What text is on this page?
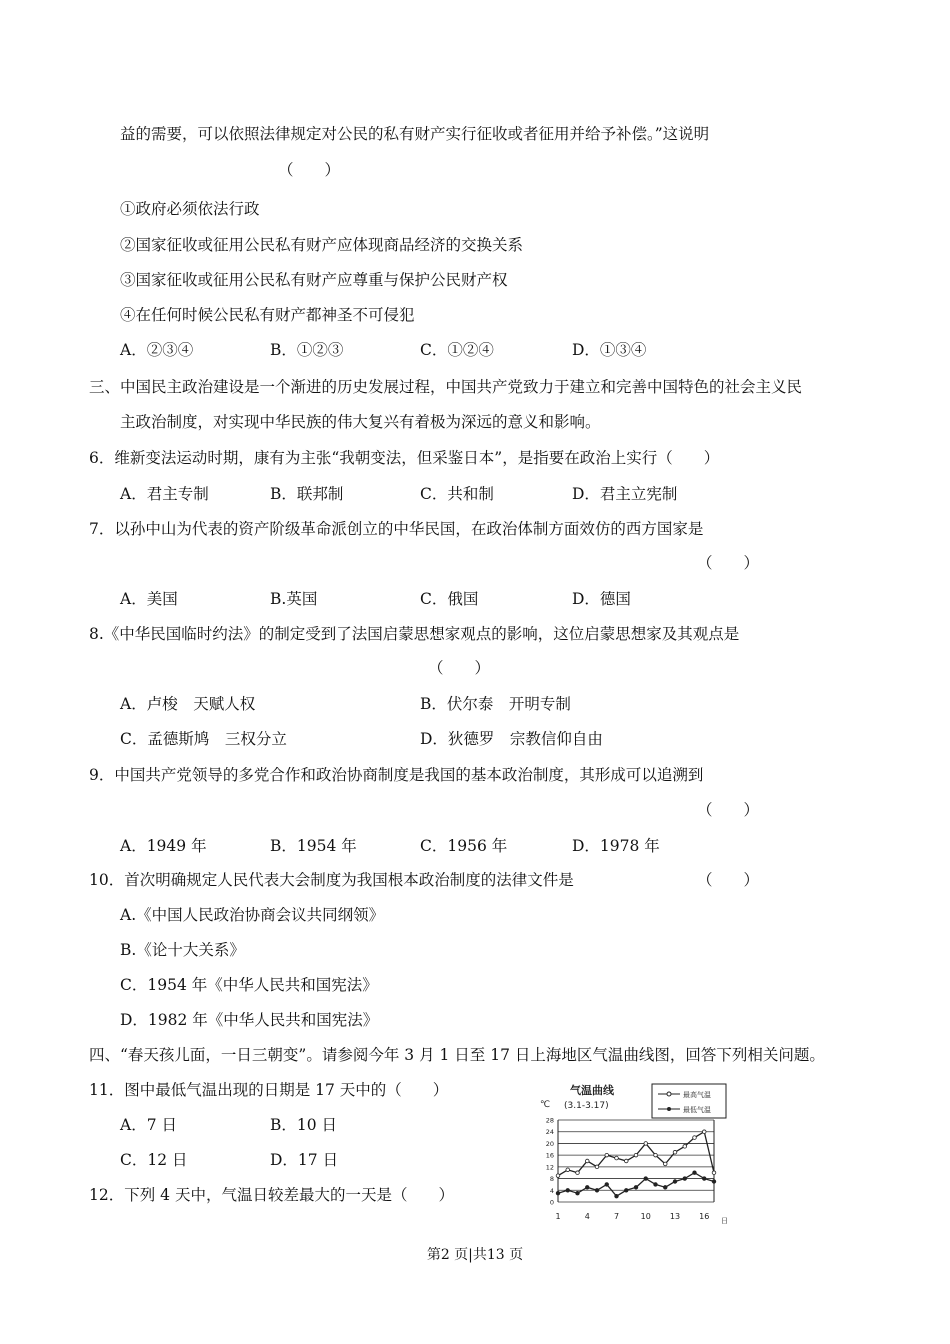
益的需要，可以依照法律规定对公民的私有财产实行征收或者征用并给予补偿。”这说明
（　　）
①政府必须依法行政
②国家征收或征用公民私有财产应体现商品经济的交换关系
③国家征收或征用公民私有财产应尊重与保护公民财产权
④在任何时候公民私有财产都神圣不可侵犯
A．②③④	B．①②③	C．①②④	D．①③④
三、中国民主政治建设是一个渐进的历史发展过程，中国共产党致力于建立和完善中国特色的社会主义民
主政治制度，对实现中华民族的伟大复兴有着极为深远的意义和影响。
6．维新变法运动时期，康有为主张“我朝变法，但采鉴日本”，是指要在政治上实行（　　）
A．君主专制	B．联邦制	C．共和制	D．君主立宪制
7．以孙中山为代表的资产阶级革命派创立的中华民国，在政治体制方面效仿的西方国家是
（　　）
A．美国	B.英国	C．俄国	D．德国
8.《中华民国临时约法》的制定受到了法国启蒙思想家观点的影响，这位启蒙思想家及其观点是
（　　）
A．卢梭　天赋人权	B．伏尔泰　开明专制
C．孟德斯鸠　三权分立	D．狄德罗　宗教信仰自由
9．中国共产党领导的多党合作和政治协商制度是我国的基本政治制度，其形成可以追溯到
（　　）
A．1949 年	B．1954 年	C．1956 年	D．1978 年
10．首次明确规定人民代表大会制度为我国根本政治制度的法律文件是	（　　）
A.《中国人民政治协商会议共同纲领》
B.《论十大关系》
C．1954 年《中华人民共和国宪法》
D．1982 年《中华人民共和国宪法》
四、“春天孩儿面，一日三朝变”。请参阅今年 3 月 1 日至 17 日上海地区气温曲线图，回答下列相关问题。
11．图中最低气温出现的日期是 17 天中的（　　）
A．7 日	B．10 日
C．12 日	D．17 日
12．下列 4 天中，气温日较差最大的一天是（　　）
气温曲线
(3.1-3.17)
℃
日
最高气温
最低气温
28
24
20
16
12
8
4
0
1	4	7	10 13 16
第2 页|共13 页
